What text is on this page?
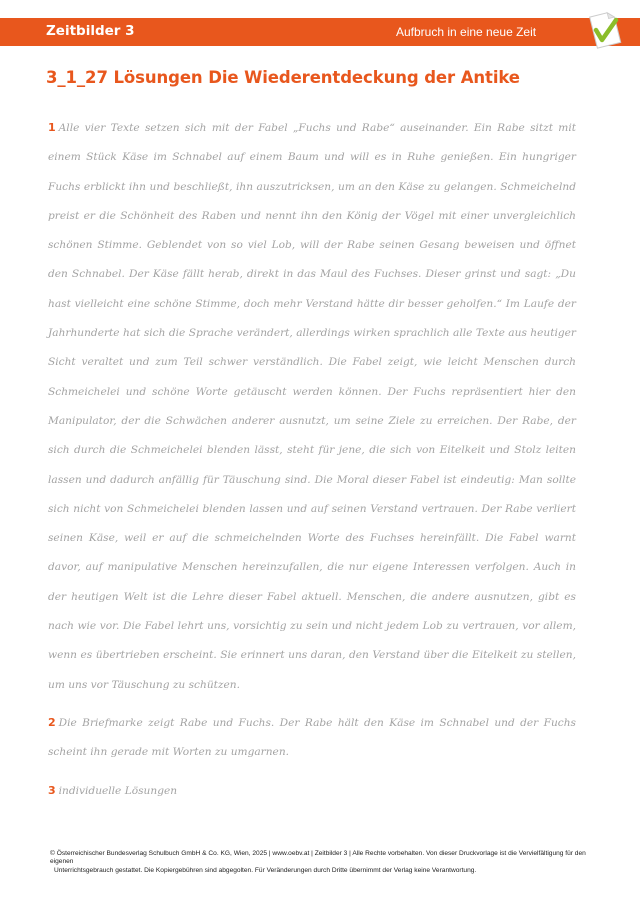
Zeitbilder 3	Aufbruch in eine neue Zeit
3_1_27 Lösungen Die Wiederentdeckung der Antike

1 Alle vier Texte setzen sich mit der Fabel „Fuchs und Rabe“ auseinander. Ein Rabe sitzt mit einem Stück Käse im Schnabel auf einem Baum und will es in Ruhe genießen. Ein hungriger Fuchs erblickt ihn und beschließt, ihn auszutricksen, um an den Käse zu gelangen. Schmeichelnd preist er die Schönheit des Raben und nennt ihn den König der Vögel mit einer unvergleichlich schönen Stimme. Geblendet von so viel Lob, will der Rabe seinen Gesang beweisen und öffnet den Schnabel. Der Käse fällt herab, direkt in das Maul des Fuchses. Dieser grinst und sagt: „Du hast vielleicht eine schöne Stimme, doch mehr Verstand hätte dir besser geholfen.“ Im Laufe der Jahrhunderte hat sich die Sprache verändert, allerdings wirken sprachlich alle Texte aus heutiger Sicht veraltet und zum Teil schwer verständlich. Die Fabel zeigt, wie leicht Menschen durch Schmeichelei und schöne Worte getäuscht werden können. Der Fuchs repräsentiert hier den Manipulator, der die Schwächen anderer ausnutzt, um seine Ziele zu erreichen. Der Rabe, der sich durch die Schmeichelei blenden lässt, steht für jene, die sich von Eitelkeit und Stolz leiten lassen und dadurch anfällig für Täuschung sind. Die Moral dieser Fabel ist eindeutig: Man sollte sich nicht von Schmeichelei blenden lassen und auf seinen Verstand vertrauen. Der Rabe verliert seinen Käse, weil er auf die schmeichelnden Worte des Fuchses hereinfällt. Die Fabel warnt davor, auf manipulative Menschen hereinzufallen, die nur eigene Interessen verfolgen. Auch in der heutigen Welt ist die Lehre dieser Fabel aktuell. Menschen, die andere ausnutzen, gibt es nach wie vor. Die Fabel lehrt uns, vorsichtig zu sein und nicht jedem Lob zu vertrauen, vor allem, wenn es übertrieben erscheint. Sie erinnert uns daran, den Verstand über die Eitelkeit zu stellen, um uns vor Täuschung zu schützen.

2 Die Briefmarke zeigt Rabe und Fuchs. Der Rabe hält den Käse im Schnabel und der Fuchs scheint ihn gerade mit Worten zu umgarnen.

3 individuelle Lösungen

© Österreichischer Bundesverlag Schulbuch GmbH & Co. KG, Wien, 2025 | www.oebv.at | Zeitbilder 3 | Alle Rechte vorbehalten. Von dieser Druckvorlage ist die Vervielfältigung für den eigenen
Unterrichtsgebrauch gestattet. Die Kopiergebühren sind abgegolten. Für Veränderungen durch Dritte übernimmt der Verlag keine Verantwortung.
